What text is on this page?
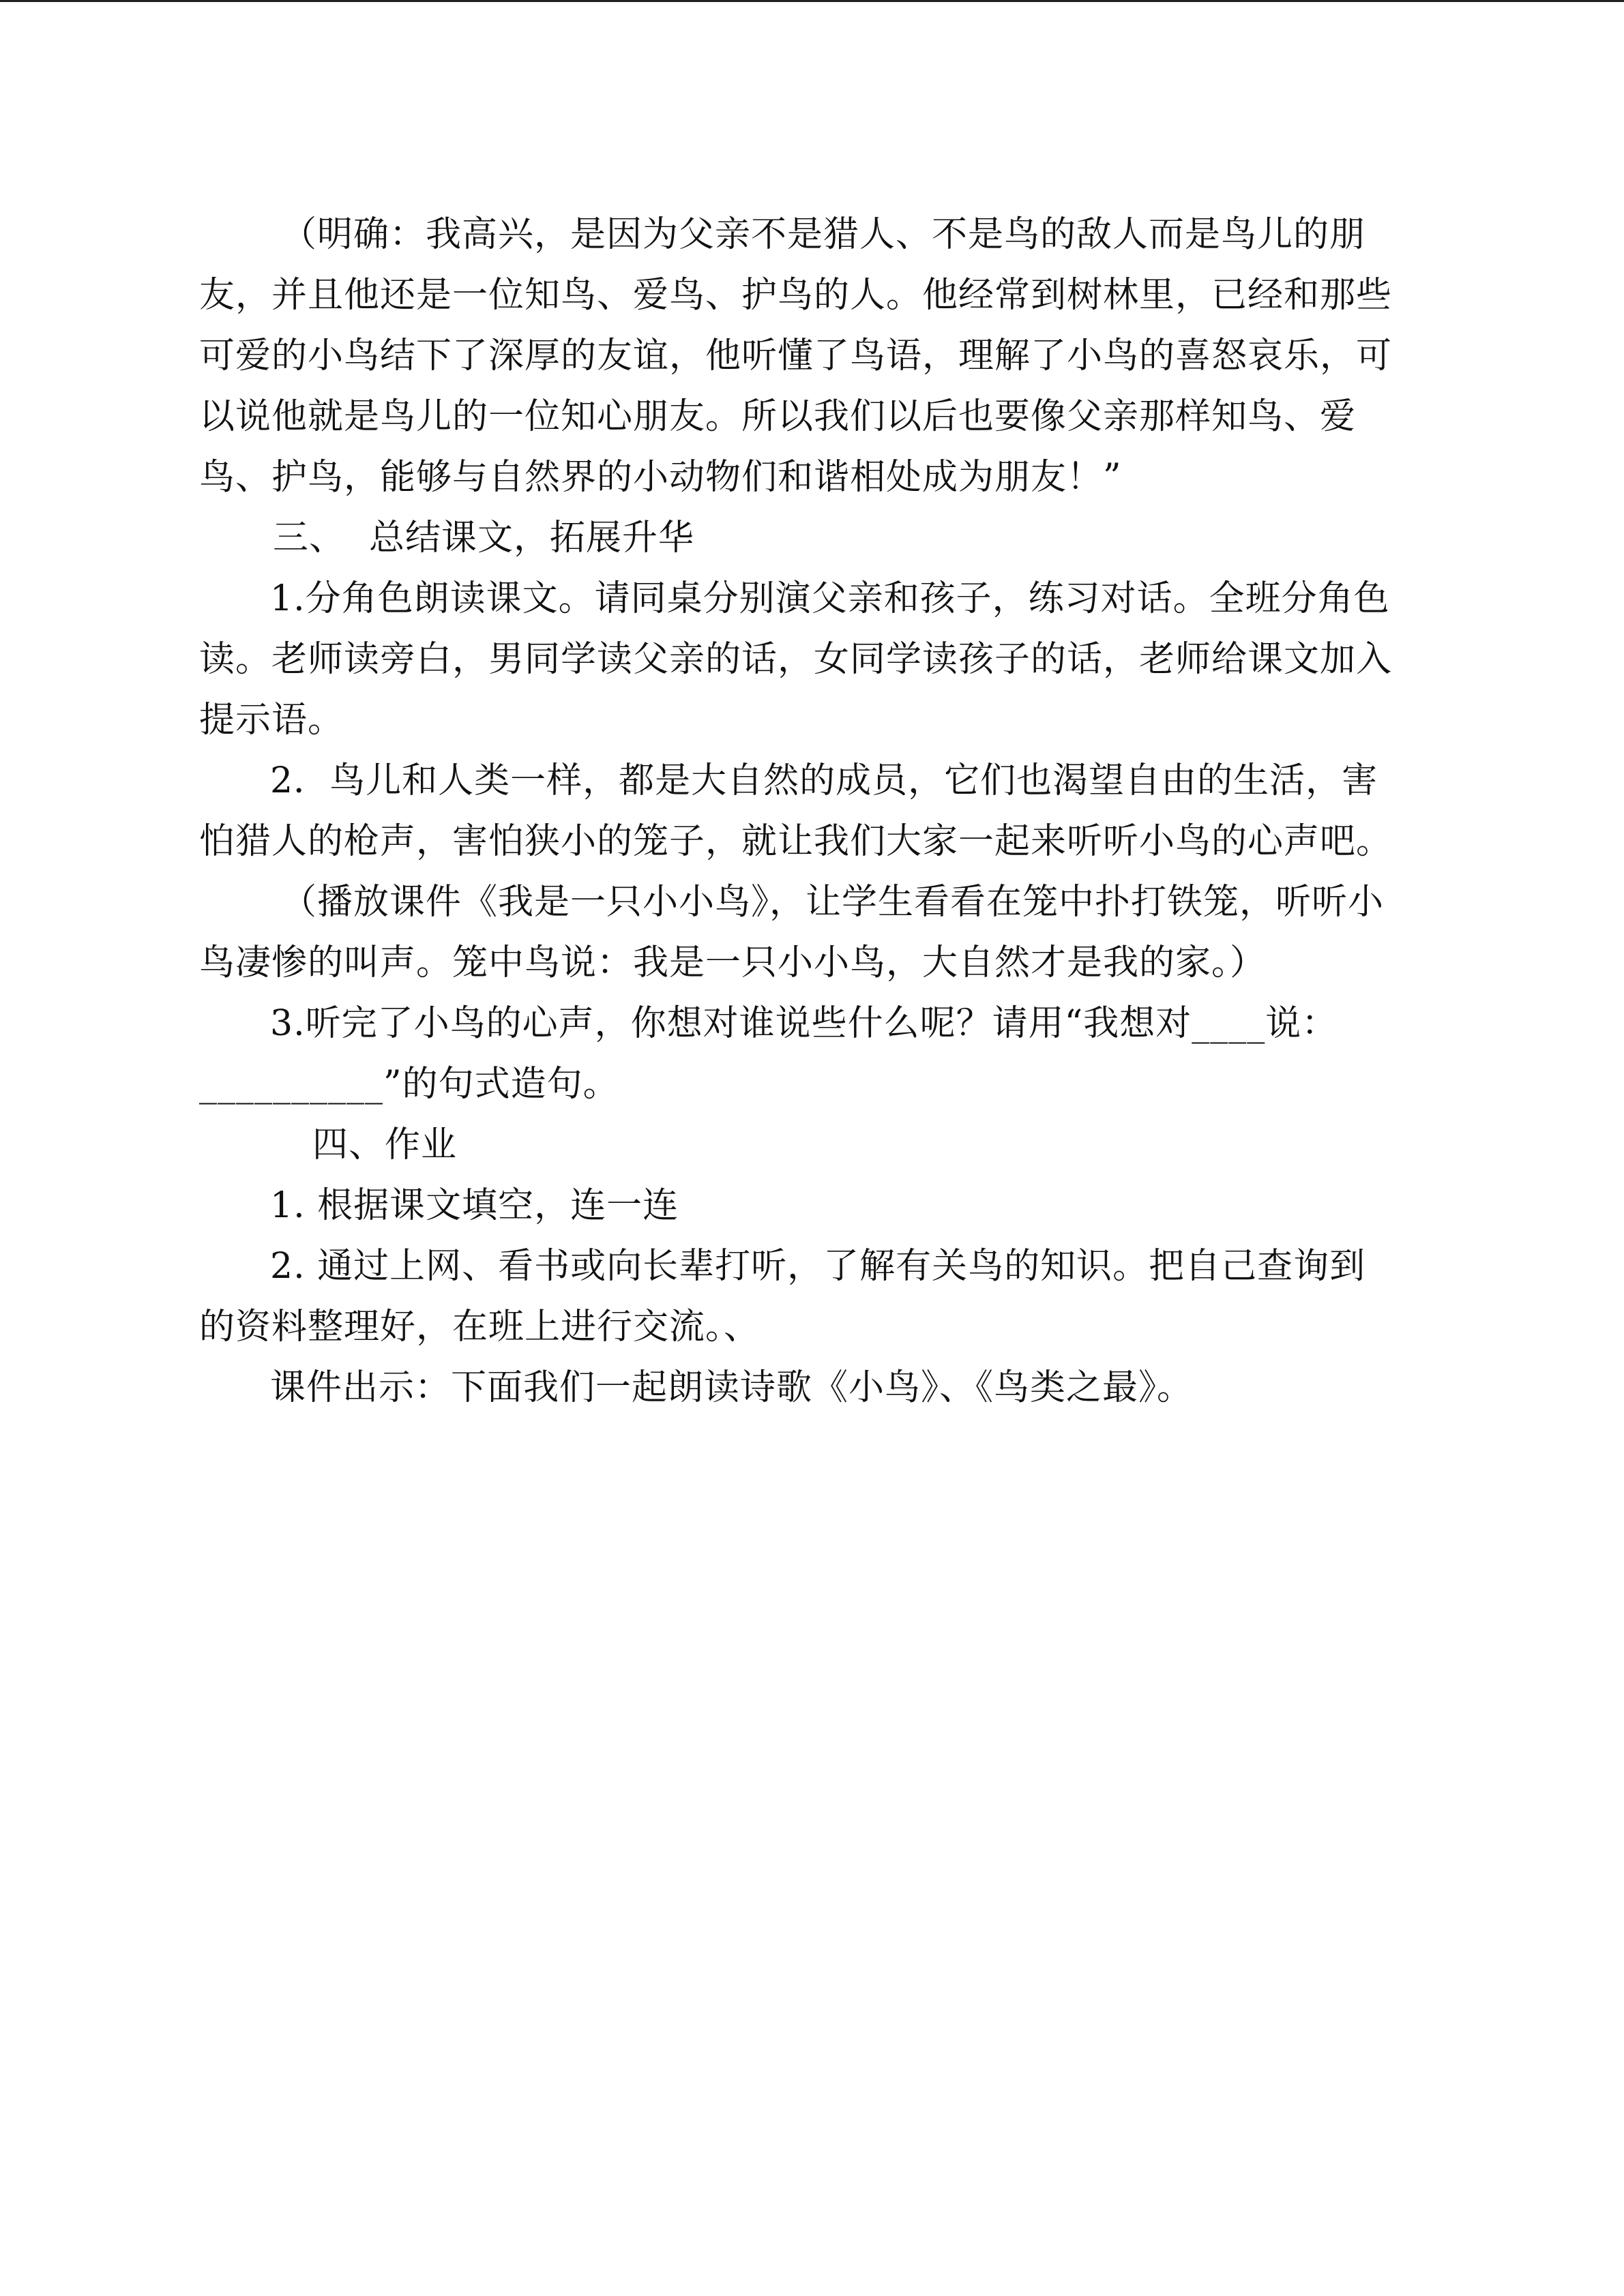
（明确：我高兴，是因为父亲不是猎人、不是鸟的敌人而是鸟儿的朋友，并且他还是一位知鸟、爱鸟、护鸟的人。他经常到树林里，已经和那些可爱的小鸟结下了深厚的友谊，他听懂了鸟语，理解了小鸟的喜怒哀乐，可以说他就是鸟儿的一位知心朋友。所以我们以后也要像父亲那样知鸟、爱鸟、护鸟，能够与自然界的小动物们和谐相处成为朋友！”

三、  总结课文，拓展升华

1.分角色朗读课文。请同桌分别演父亲和孩子，练习对话。全班分角色读。老师读旁白，男同学读父亲的话，女同学读孩子的话，老师给课文加入提示语。

2．鸟儿和人类一样，都是大自然的成员，它们也渴望自由的生活，害怕猎人的枪声，害怕狭小的笼子，就让我们大家一起来听听小鸟的心声吧。

（播放课件《我是一只小小鸟》，让学生看看在笼中扑打铁笼，听听小鸟凄惨的叫声。笼中鸟说：我是一只小小鸟，大自然才是我的家。）

3.听完了小鸟的心声，你想对谁说些什么呢？请用“我想对____说：__________”的句式造句。

四、作业

1. 根据课文填空，连一连

2. 通过上网、看书或向长辈打听，了解有关鸟的知识。把自己查询到的资料整理好，在班上进行交流。、

课件出示：下面我们一起朗读诗歌《小鸟》、《鸟类之最》。
